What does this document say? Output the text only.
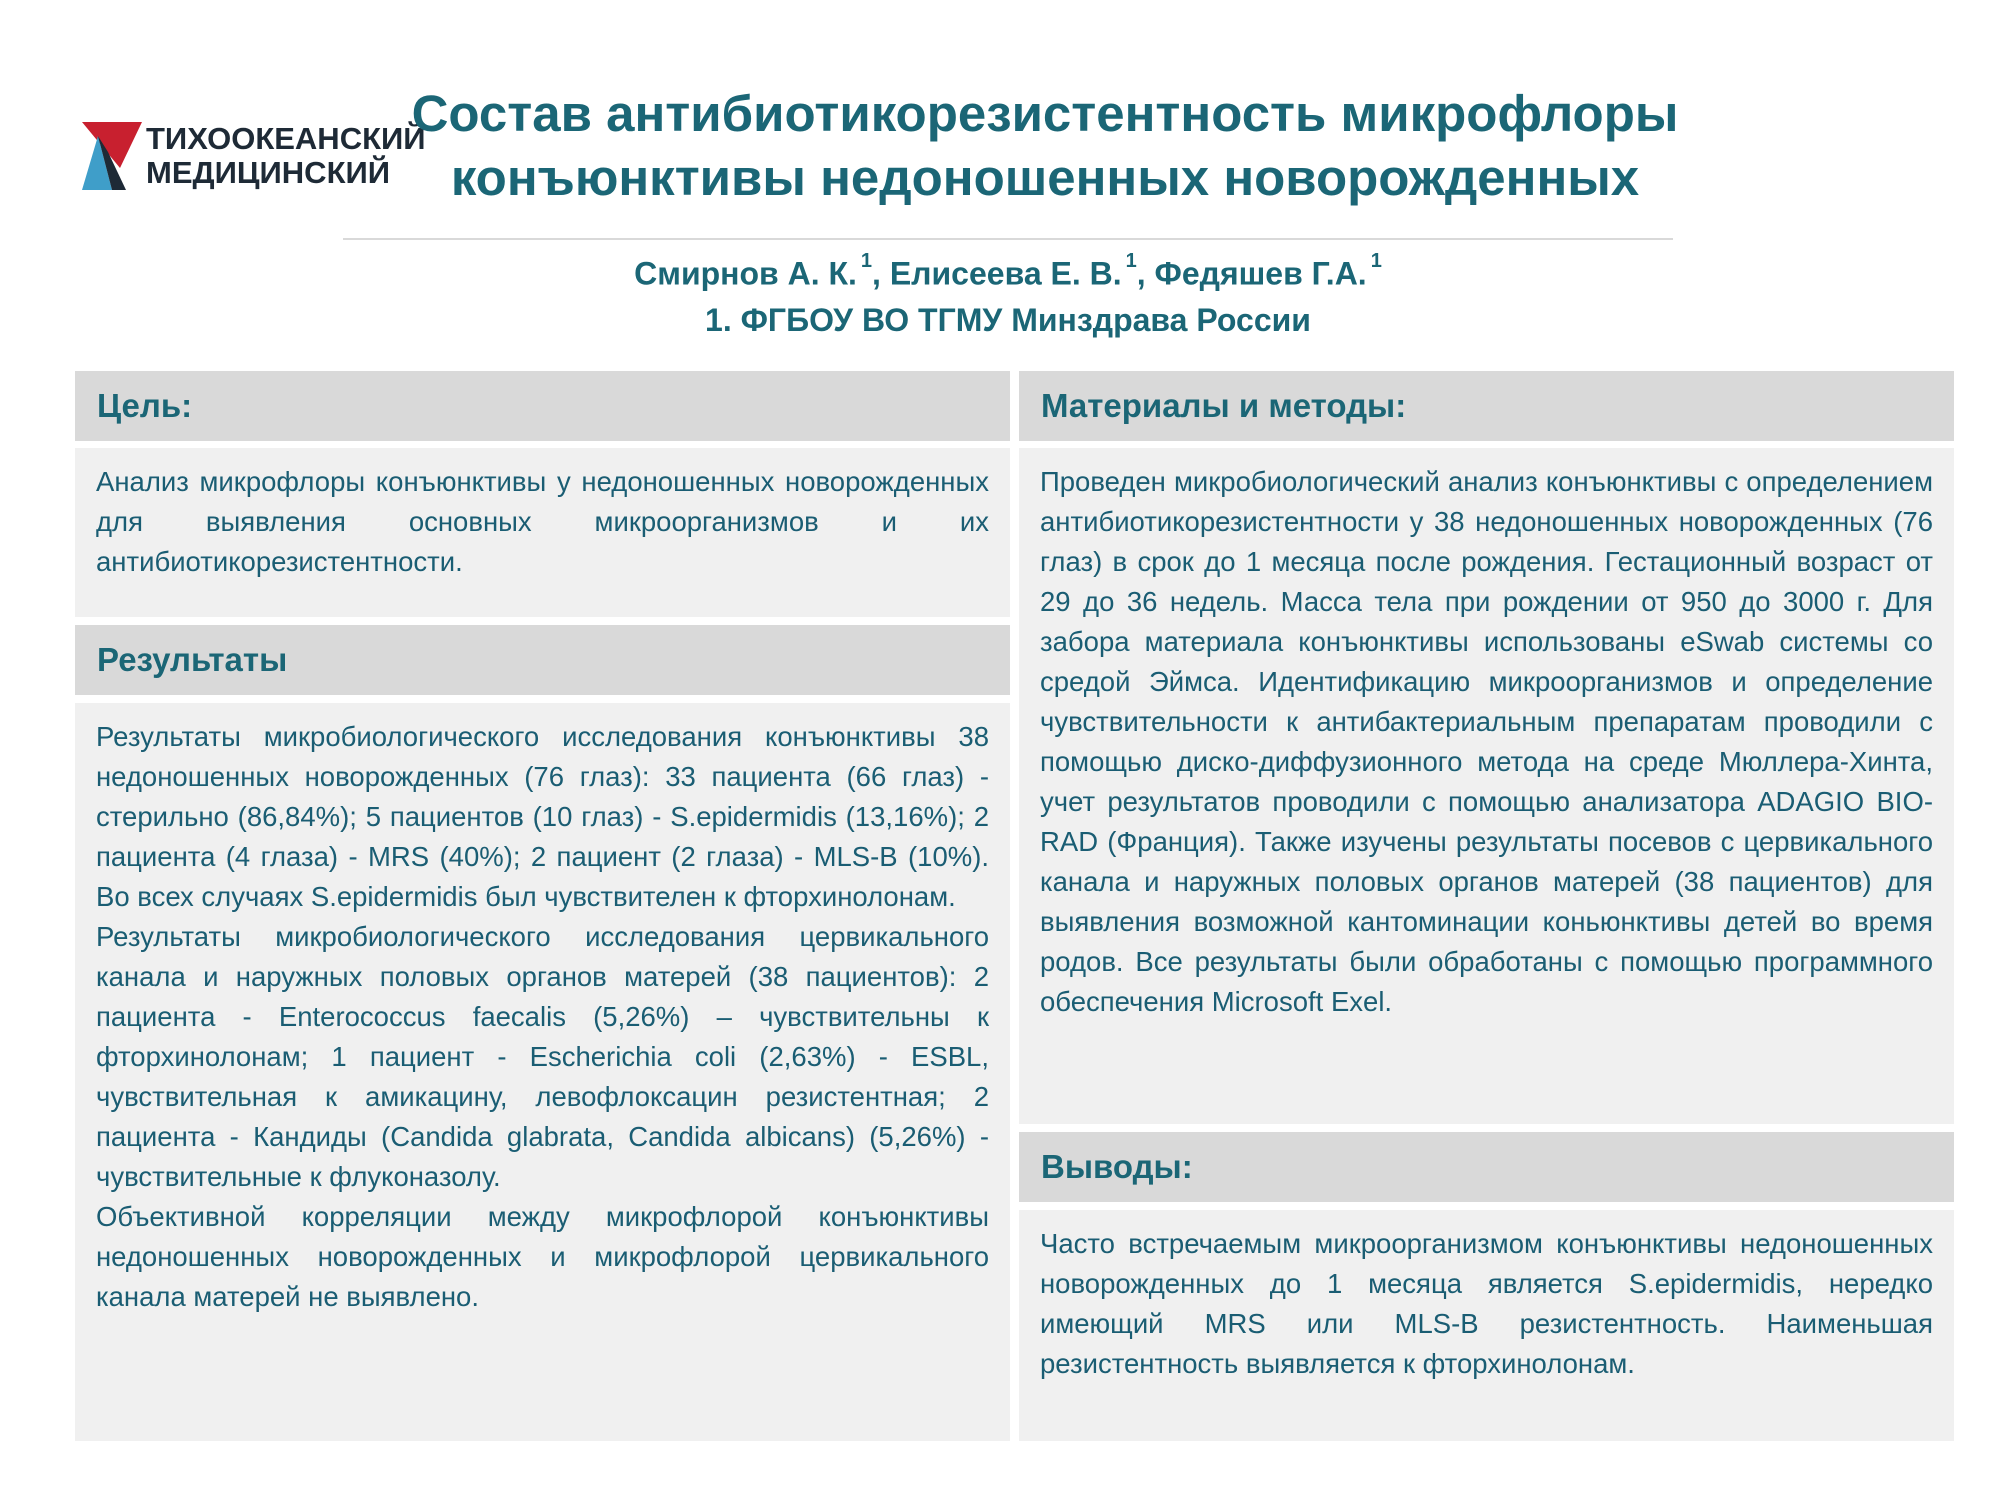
ТИХООКЕАНСКИЙ
МЕДИЦИНСКИЙ
Состав антибиотикорезистентность микрофлоры
конъюнктивы недоношенных новорожденных
Смирнов А. К. $^1$, Елисеева Е. В. $^1$, Федяшев Г.А. $^1$
1. ФГБОУ ВО ТГМУ Минздрава России
Цель:

Анализ микрофлоры конъюнктивы у недоношенных новорожденных для выявления основных микроорганизмов и их антибиотикорезистентности.

Результаты

Результаты микробиологического исследования конъюнктивы 38 недоношенных новорожденных (76 глаз): 33 пациента (66 глаз) - стерильно (86,84%); 5 пациентов (10 глаз) - S.epidermidis (13,16%); 2 пациента (4 глаза) - MRS (40%); 2 пациент (2 глаза) - MLS-B (10%). Во всех случаях S.epidermidis был чувствителен к фторхинолонам.

Результаты микробиологического исследования цервикального канала и наружных половых органов матерей (38 пациентов): 2 пациента - Enterococcus faecalis (5,26%) – чувствительны к фторхинолонам; 1 пациент - Escherichia coli (2,63%) - ESBL, чувствительная к амикацину, левофлоксацин резистентная; 2 пациента - Кандиды (Candida glabrata, Candida albicans) (5,26%) - чувствительные к флуконазолу.

Объективной корреляции между микрофлорой конъюнктивы недоношенных новорожденных и микрофлорой цервикального канала матерей не выявлено.

Материалы и методы:

Проведен микробиологический анализ конъюнктивы с определением антибиотикорезистентности у 38 недоношенных новорожденных (76 глаз) в срок до 1 месяца после рождения. Гестационный возраст от 29 до 36 недель. Масса тела при рождении от 950 до 3000 г. Для забора материала конъюнктивы использованы eSwab системы со средой Эймса. Идентификацию микроорганизмов и определение чувствительности к антибактериальным препаратам проводили с помощью диско-диффузионного метода на среде Мюллера-Хинта, учет результатов проводили с помощью анализатора ADAGIO BIO-RAD (Франция). Также изучены результаты посевов с цервикального канала и наружных половых органов матерей (38 пациентов) для выявления возможной кантоминации коньюнктивы детей во время родов. Все результаты были обработаны с помощью программного обеспечения Microsoft Exel.

Выводы:

Часто встречаемым микроорганизмом конъюнктивы недоношенных новорожденных до 1 месяца является S.epidermidis, нередко имеющий MRS или MLS-B резистентность. Наименьшая резистентность выявляется к фторхинолонам.
